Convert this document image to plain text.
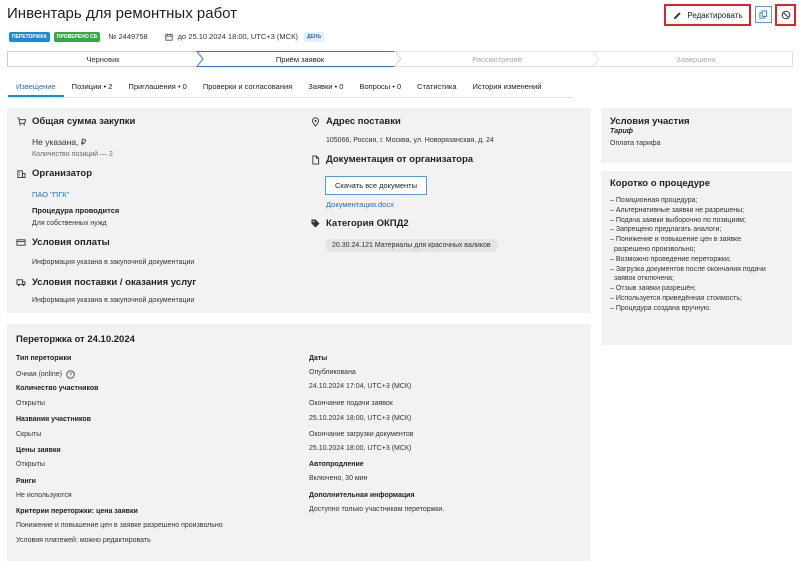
Инвентарь для ремонтных работ	Редактировать
ПЕРЕТОРЖКА	ПРОВЕРЕНО СБ	№ 2449758	до 25.10.2024 18:00, UTC+3 (МСК)	ДЕНЬ
Черновик	Приём заявок	Рассмотрение	Завершена
Извещение	Позиции • 2	Приглашения • 0	Проверки и согласования	Заявки • 0	Вопросы • 0	Статистика	История изменений
Общая сумма закупки
Не указана, ₽
Количество позиций — 2
Организатор
ПАО "ПГК"
Процедура проводится
Для собственных нужд
Условия оплаты
Информация указана в закупочной документации
Условия поставки / оказания услуг
Информация указана в закупочной документации
Адрес поставки
105066, Россия, г. Москва, ул. Новорязанская, д. 24
Документация от организатора
Скачать все документы
Документация.docx
Категория ОКПД2
20.30.24.121 Материалы для красочных валиков
Переторжка от 24.10.2024
Тип переторжки
Очная (online) ?
Количество участников
Открыты
Названия участников
Скрыты
Цены заявки
Открыты
Ранги
Не используются
Критерии переторжки: цена заявки
Понижение и повышение цен в заявке разрешено произвольно
Условия платежей: можно редактировать
Даты
Опубликована
24.10.2024 17:04, UTC+3 (МСК)
Окончание подачи заявок
25.10.2024 18:00, UTC+3 (МСК)
Окончание загрузки документов
25.10.2024 18:00, UTC+3 (МСК)
Автопродление
Включено, 30 мин
Дополнительная информация
Доступно только участникам переторжки.
Условия участия
Тариф
Оплата тарифа
Коротко о процедуре
– Позиционная процедура;
– Альтернативные заявки не разрешены;
– Подача заявки выборочно по позициям;
– Запрещено предлагать аналоги;
– Понижение и повышение цен в заявке
разрешено произвольно;
– Возможно проведение переторжки;
– Загрузка документов после окончания подачи
заявок отключена;
– Отзыв заявки разрешён;
– Используется приведённая стоимость;
– Процедура создана вручную.
